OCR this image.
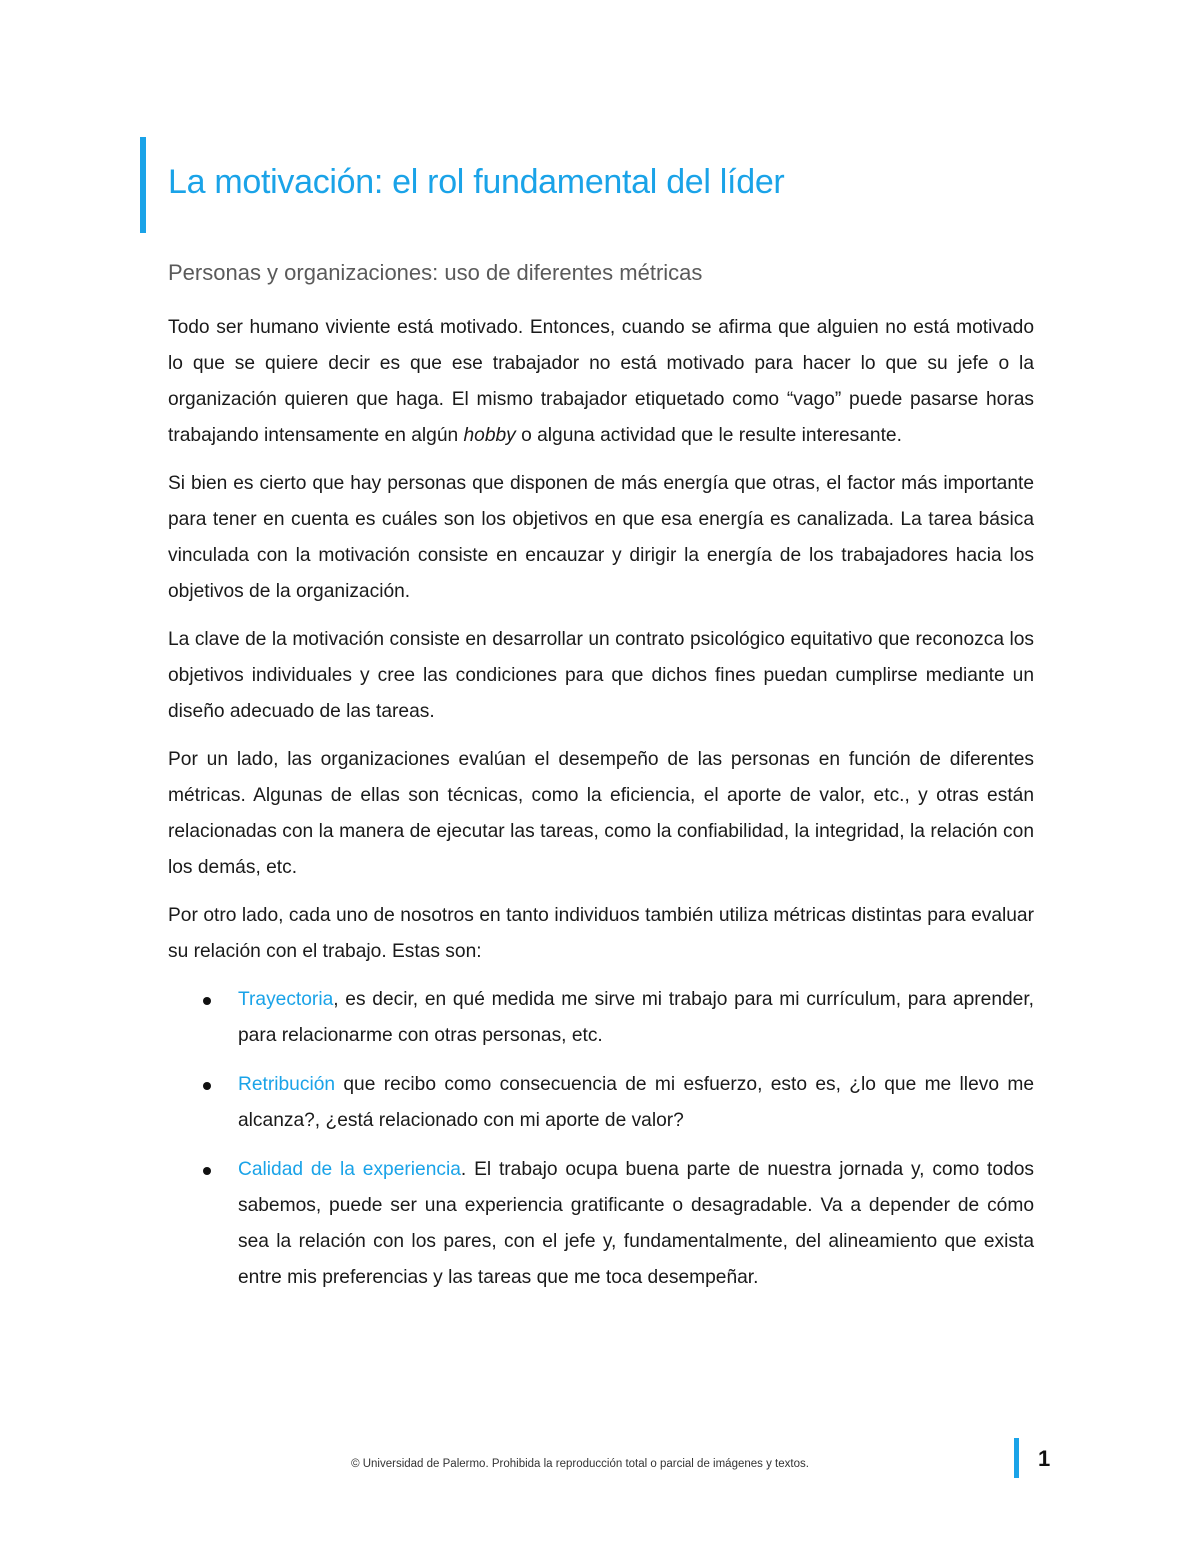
La motivación: el rol fundamental del líder
Personas y organizaciones: uso de diferentes métricas

Todo ser humano viviente está motivado. Entonces, cuando se afirma que alguien no está motivado lo que se quiere decir es que ese trabajador no está motivado para hacer lo que su jefe o la organización quieren que haga. El mismo trabajador etiquetado como “vago” puede pasarse horas trabajando intensamente en algún hobby o alguna actividad que le resulte interesante.

Si bien es cierto que hay personas que disponen de más energía que otras, el factor más importante para tener en cuenta es cuáles son los objetivos en que esa energía es canalizada. La tarea básica vinculada con la motivación consiste en encauzar y dirigir la energía de los trabajadores hacia los objetivos de la organización.

La clave de la motivación consiste en desarrollar un contrato psicológico equitativo que reconozca los objetivos individuales y cree las condiciones para que dichos fines puedan cumplirse mediante un diseño adecuado de las tareas.

Por un lado, las organizaciones evalúan el desempeño de las personas en función de diferentes métricas. Algunas de ellas son técnicas, como la eficiencia, el aporte de valor, etc., y otras están relacionadas con la manera de ejecutar las tareas, como la confiabilidad, la integridad, la relación con los demás, etc.

Por otro lado, cada uno de nosotros en tanto individuos también utiliza métricas distintas para evaluar su relación con el trabajo. Estas son:

Trayectoria, es decir, en qué medida me sirve mi trabajo para mi currículum, para aprender, para relacionarme con otras personas, etc.
Retribución que recibo como consecuencia de mi esfuerzo, esto es, ¿lo que me llevo me alcanza?, ¿está relacionado con mi aporte de valor?
Calidad de la experiencia. El trabajo ocupa buena parte de nuestra jornada y, como todos sabemos, puede ser una experiencia gratificante o desagradable. Va a depender de cómo sea la relación con los pares, con el jefe y, fundamentalmente, del alineamiento que exista entre mis preferencias y las tareas que me toca desempeñar.
© Universidad de Palermo. Prohibida la reproducción total o parcial de imágenes y textos.	1
